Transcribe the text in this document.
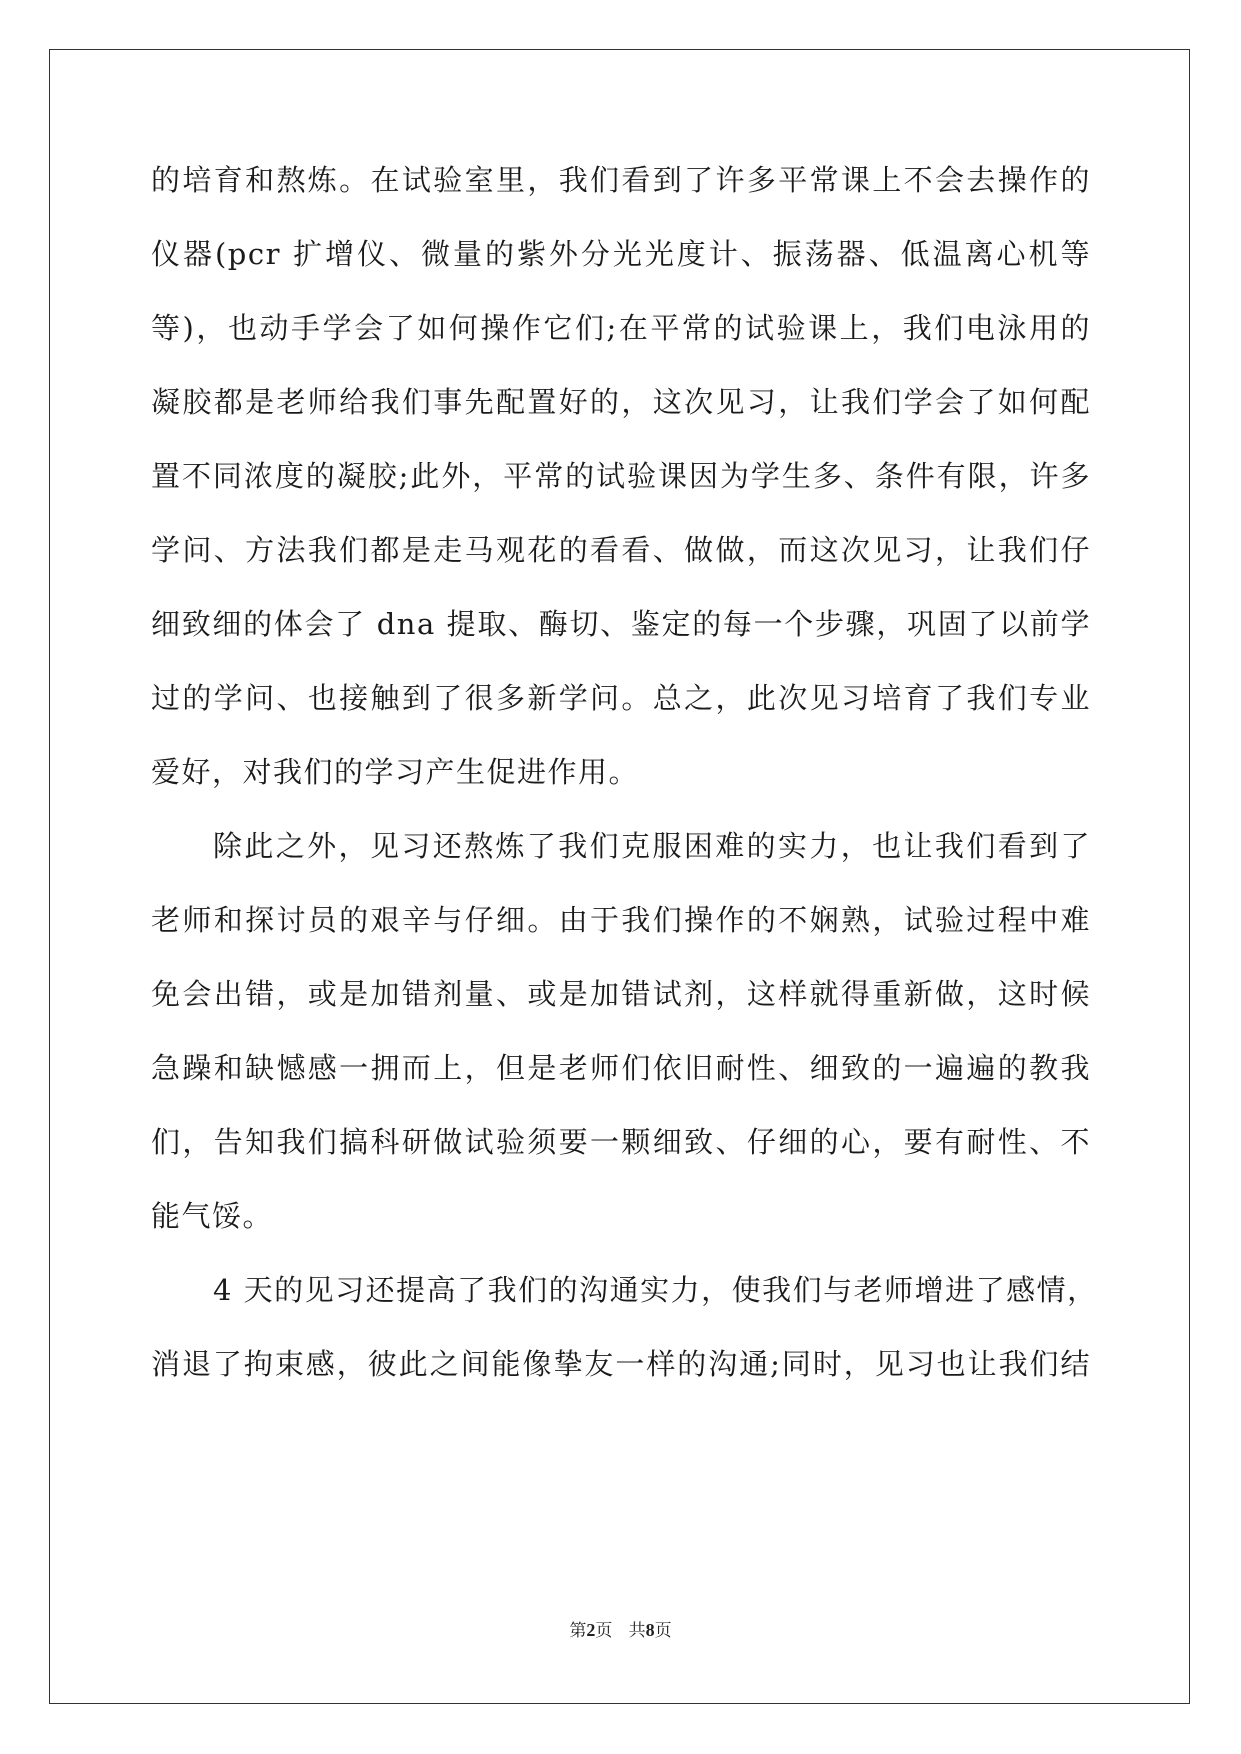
的培育和熬炼。在试验室里，我们看到了许多平常课上不会去操作的
仪器(pcr 扩增仪、微量的紫外分光光度计、振荡器、低温离心机等
等)，也动手学会了如何操作它们;在平常的试验课上，我们电泳用的
凝胶都是老师给我们事先配置好的，这次见习，让我们学会了如何配
置不同浓度的凝胶;此外，平常的试验课因为学生多、条件有限，许多
学问、方法我们都是走马观花的看看、做做，而这次见习，让我们仔
细致细的体会了 dna 提取、酶切、鉴定的每一个步骤，巩固了以前学
过的学问、也接触到了很多新学问。总之，此次见习培育了我们专业
爱好，对我们的学习产生促进作用。
除此之外，见习还熬炼了我们克服困难的实力，也让我们看到了
老师和探讨员的艰辛与仔细。由于我们操作的不娴熟，试验过程中难
免会出错，或是加错剂量、或是加错试剂，这样就得重新做，这时候
急躁和缺憾感一拥而上，但是老师们依旧耐性、细致的一遍遍的教我
们，告知我们搞科研做试验须要一颗细致、仔细的心，要有耐性、不
能气馁。
4 天的见习还提高了我们的沟通实力，使我们与老师增进了感情，
消退了拘束感，彼此之间能像挚友一样的沟通;同时，见习也让我们结
第2页 共8页
